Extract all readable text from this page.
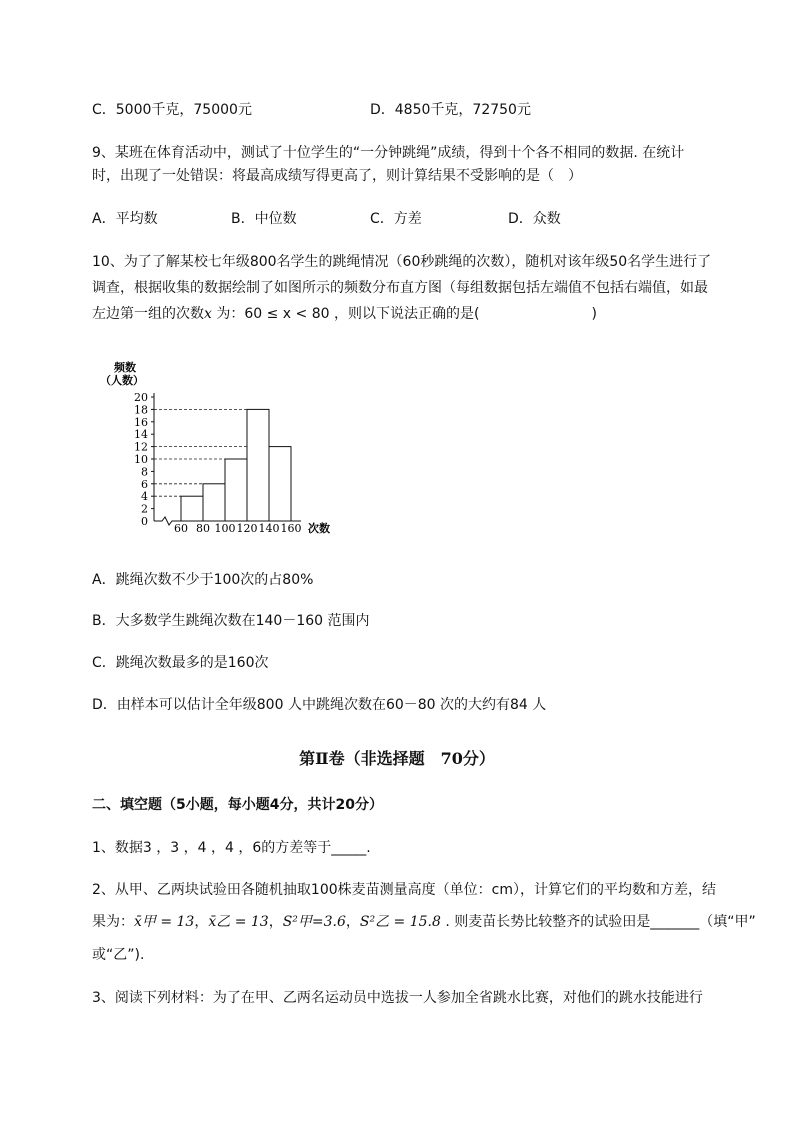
C．5000千克，75000元	D．4850千克，72750元
9、某班在体育活动中，测试了十位学生的“一分钟跳绳”成绩，得到十个各不相同的数据. 在统计
时，出现了一处错误：将最高成绩写得更高了，则计算结果不受影响的是（　）
A．平均数	B．中位数	C．方差	D．众数
10、为了了解某校七年级800名学生的跳绳情况（60秒跳绳的次数），随机对该年级50名学生进行了
调查，根据收集的数据绘制了如图所示的频数分布直方图（每组数据包括左端值不包括右端值，如最
左边第一组的次数x 为：60 ≤ x < 80 ，则以下说法正确的是(	)
频数
（人数）
次数
0
2
4
6
8
10
12
14
16
18
20
60 80 100 120 140 160
A．跳绳次数不少于100次的占80%
B．大多数学生跳绳次数在140－160 范围内
C．跳绳次数最多的是160次
D．由样本可以估计全年级800 人中跳绳次数在60－80 次的大约有84 人
第Ⅱ卷（非选择题　70分）
二、填空题（5小题，每小题4分，共计20分）
1、数据3 ，3 ，4 ，4 ，6的方差等于_____.
2、从甲、乙两块试验田各随机抽取100株麦苗测量高度（单位：cm），计算它们的平均数和方差，结
果为：x̄甲 = 13，x̄乙 = 13，S²甲=3.6，S²乙 = 15.8 . 则麦苗长势比较整齐的试验田是_______（填“甲”
或“乙”).
3、阅读下列材料：为了在甲、乙两名运动员中选拔一人参加全省跳水比赛，对他们的跳水技能进行
